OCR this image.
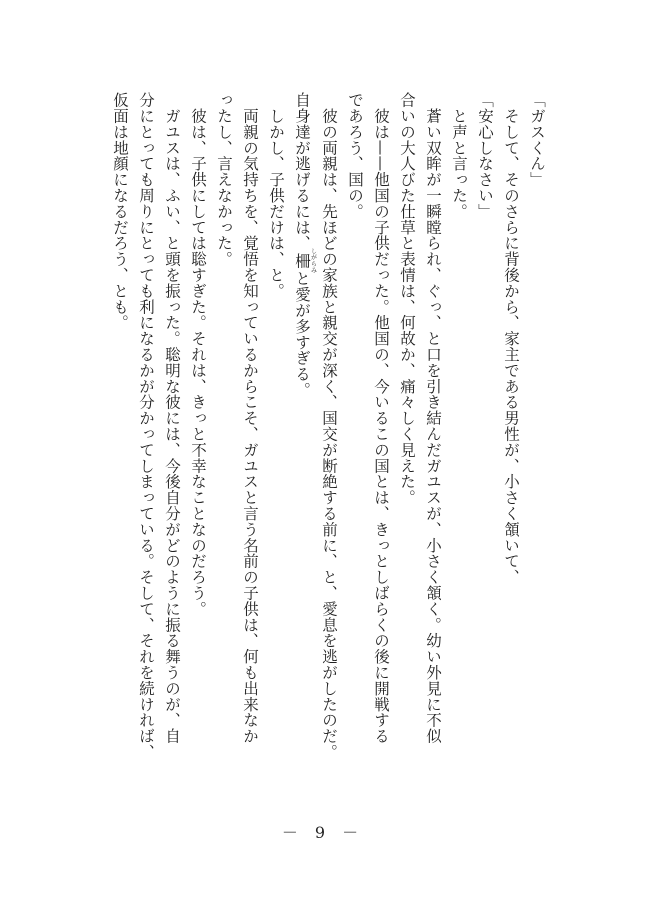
「ガスくん」
　そして、そのさらに背後から、家主である男性が、小さく頷いて、
「安心しなさい」
　と声と言った。
　蒼い双眸が一瞬瞠られ、ぐっ、と口を引き結んだガユスが、小さく頷く。幼い外見に不似
合いの大人びた仕草と表情は、何故か、痛々しく見えた。
　彼は——他国の子供だった。他国の、今いるこの国とは、きっとしばらくの後に開戦する
であろう、国の。
　彼の両親は、先ほどの家族と親交が深く、国交が断絶する前に、と、愛息を逃がしたのだ。
自身達が逃げるには、柵しがらみと愛が多すぎる。
　しかし、子供だけは、と。
　両親の気持ちを、覚悟を知っているからこそ、ガユスと言う名前の子供は、何も出来なか
ったし、言えなかった。
　彼は、子供にしては聡すぎた。それは、きっと不幸なことなのだろう。
　ガユスは、ふい、と頭を振った。聡明な彼には、今後自分がどのように振る舞うのが、自
分にとっても周りにとっても利になるかが分かってしまっている。そして、それを続ければ、
仮面は地顔になるだろう、とも。
－ 9 －
